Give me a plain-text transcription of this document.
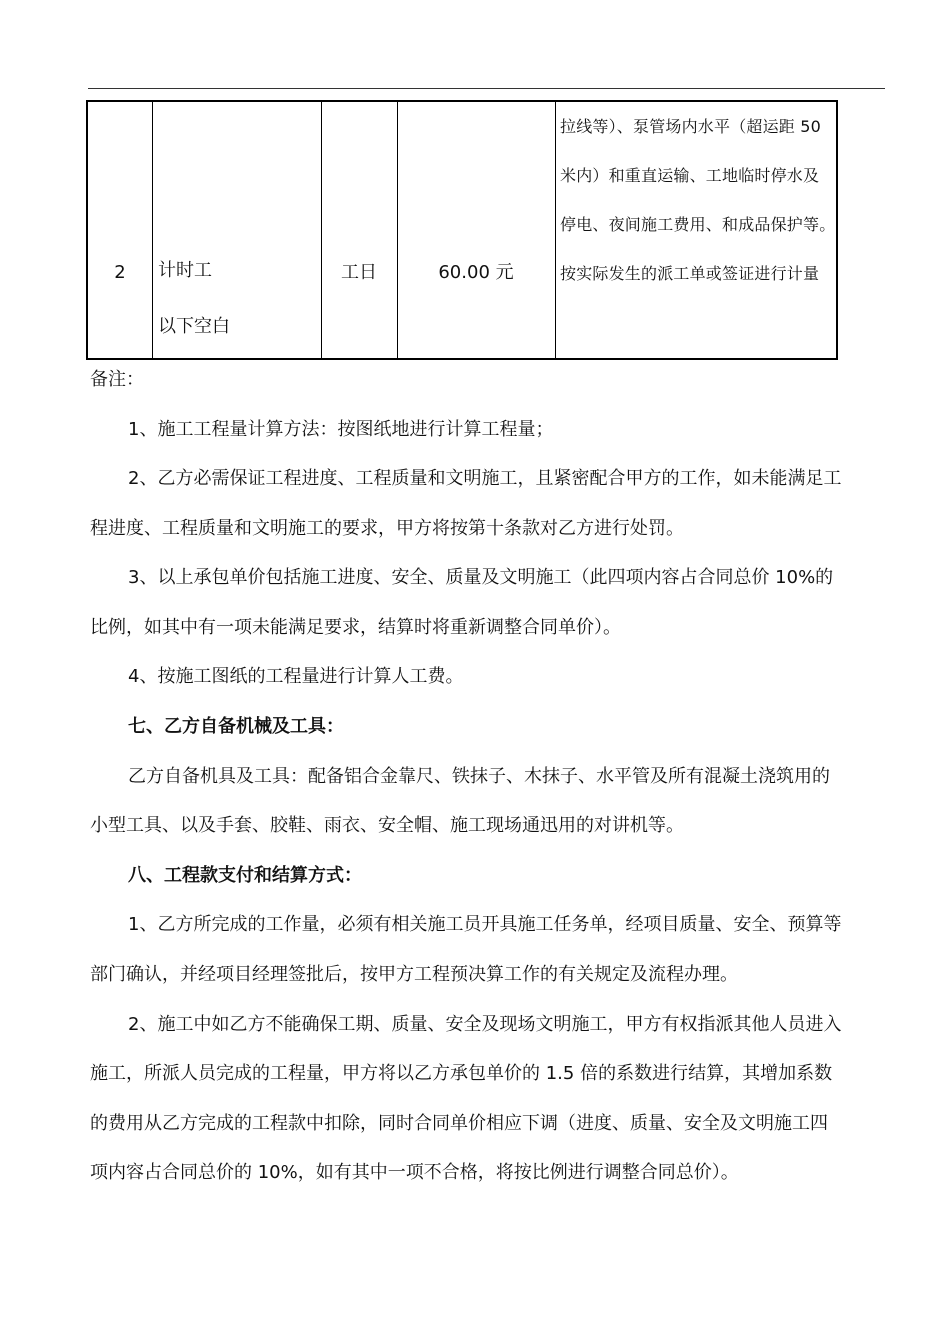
2	计时工
以下空白
工日	60.00 元
拉线等）、泵管场内水平（超运距 50
米内）和重直运输、工地临时停水及
停电、夜间施工费用、和成品保护等。
按实际发生的派工单或签证进行计量
备注：
1、施工工程量计算方法：按图纸地进行计算工程量；
2、乙方必需保证工程进度、工程质量和文明施工，且紧密配合甲方的工作，如未能满足工
程进度、工程质量和文明施工的要求，甲方将按第十条款对乙方进行处罚。
3、以上承包单价包括施工进度、安全、质量及文明施工（此四项内容占合同总价 10%的
比例，如其中有一项未能满足要求，结算时将重新调整合同单价）。
4、按施工图纸的工程量进行计算人工费。
七、乙方自备机械及工具：
乙方自备机具及工具：配备铝合金靠尺、铁抹子、木抹子、水平管及所有混凝土浇筑用的
小型工具、以及手套、胶鞋、雨衣、安全帽、施工现场通迅用的对讲机等。
八、工程款支付和结算方式：
1、乙方所完成的工作量，必须有相关施工员开具施工任务单，经项目质量、安全、预算等
部门确认，并经项目经理签批后，按甲方工程预决算工作的有关规定及流程办理。
2、施工中如乙方不能确保工期、质量、安全及现场文明施工，甲方有权指派其他人员进入
施工，所派人员完成的工程量，甲方将以乙方承包单价的 1.5 倍的系数进行结算，其增加系数
的费用从乙方完成的工程款中扣除，同时合同单价相应下调（进度、质量、安全及文明施工四
项内容占合同总价的 10%，如有其中一项不合格，将按比例进行调整合同总价）。
